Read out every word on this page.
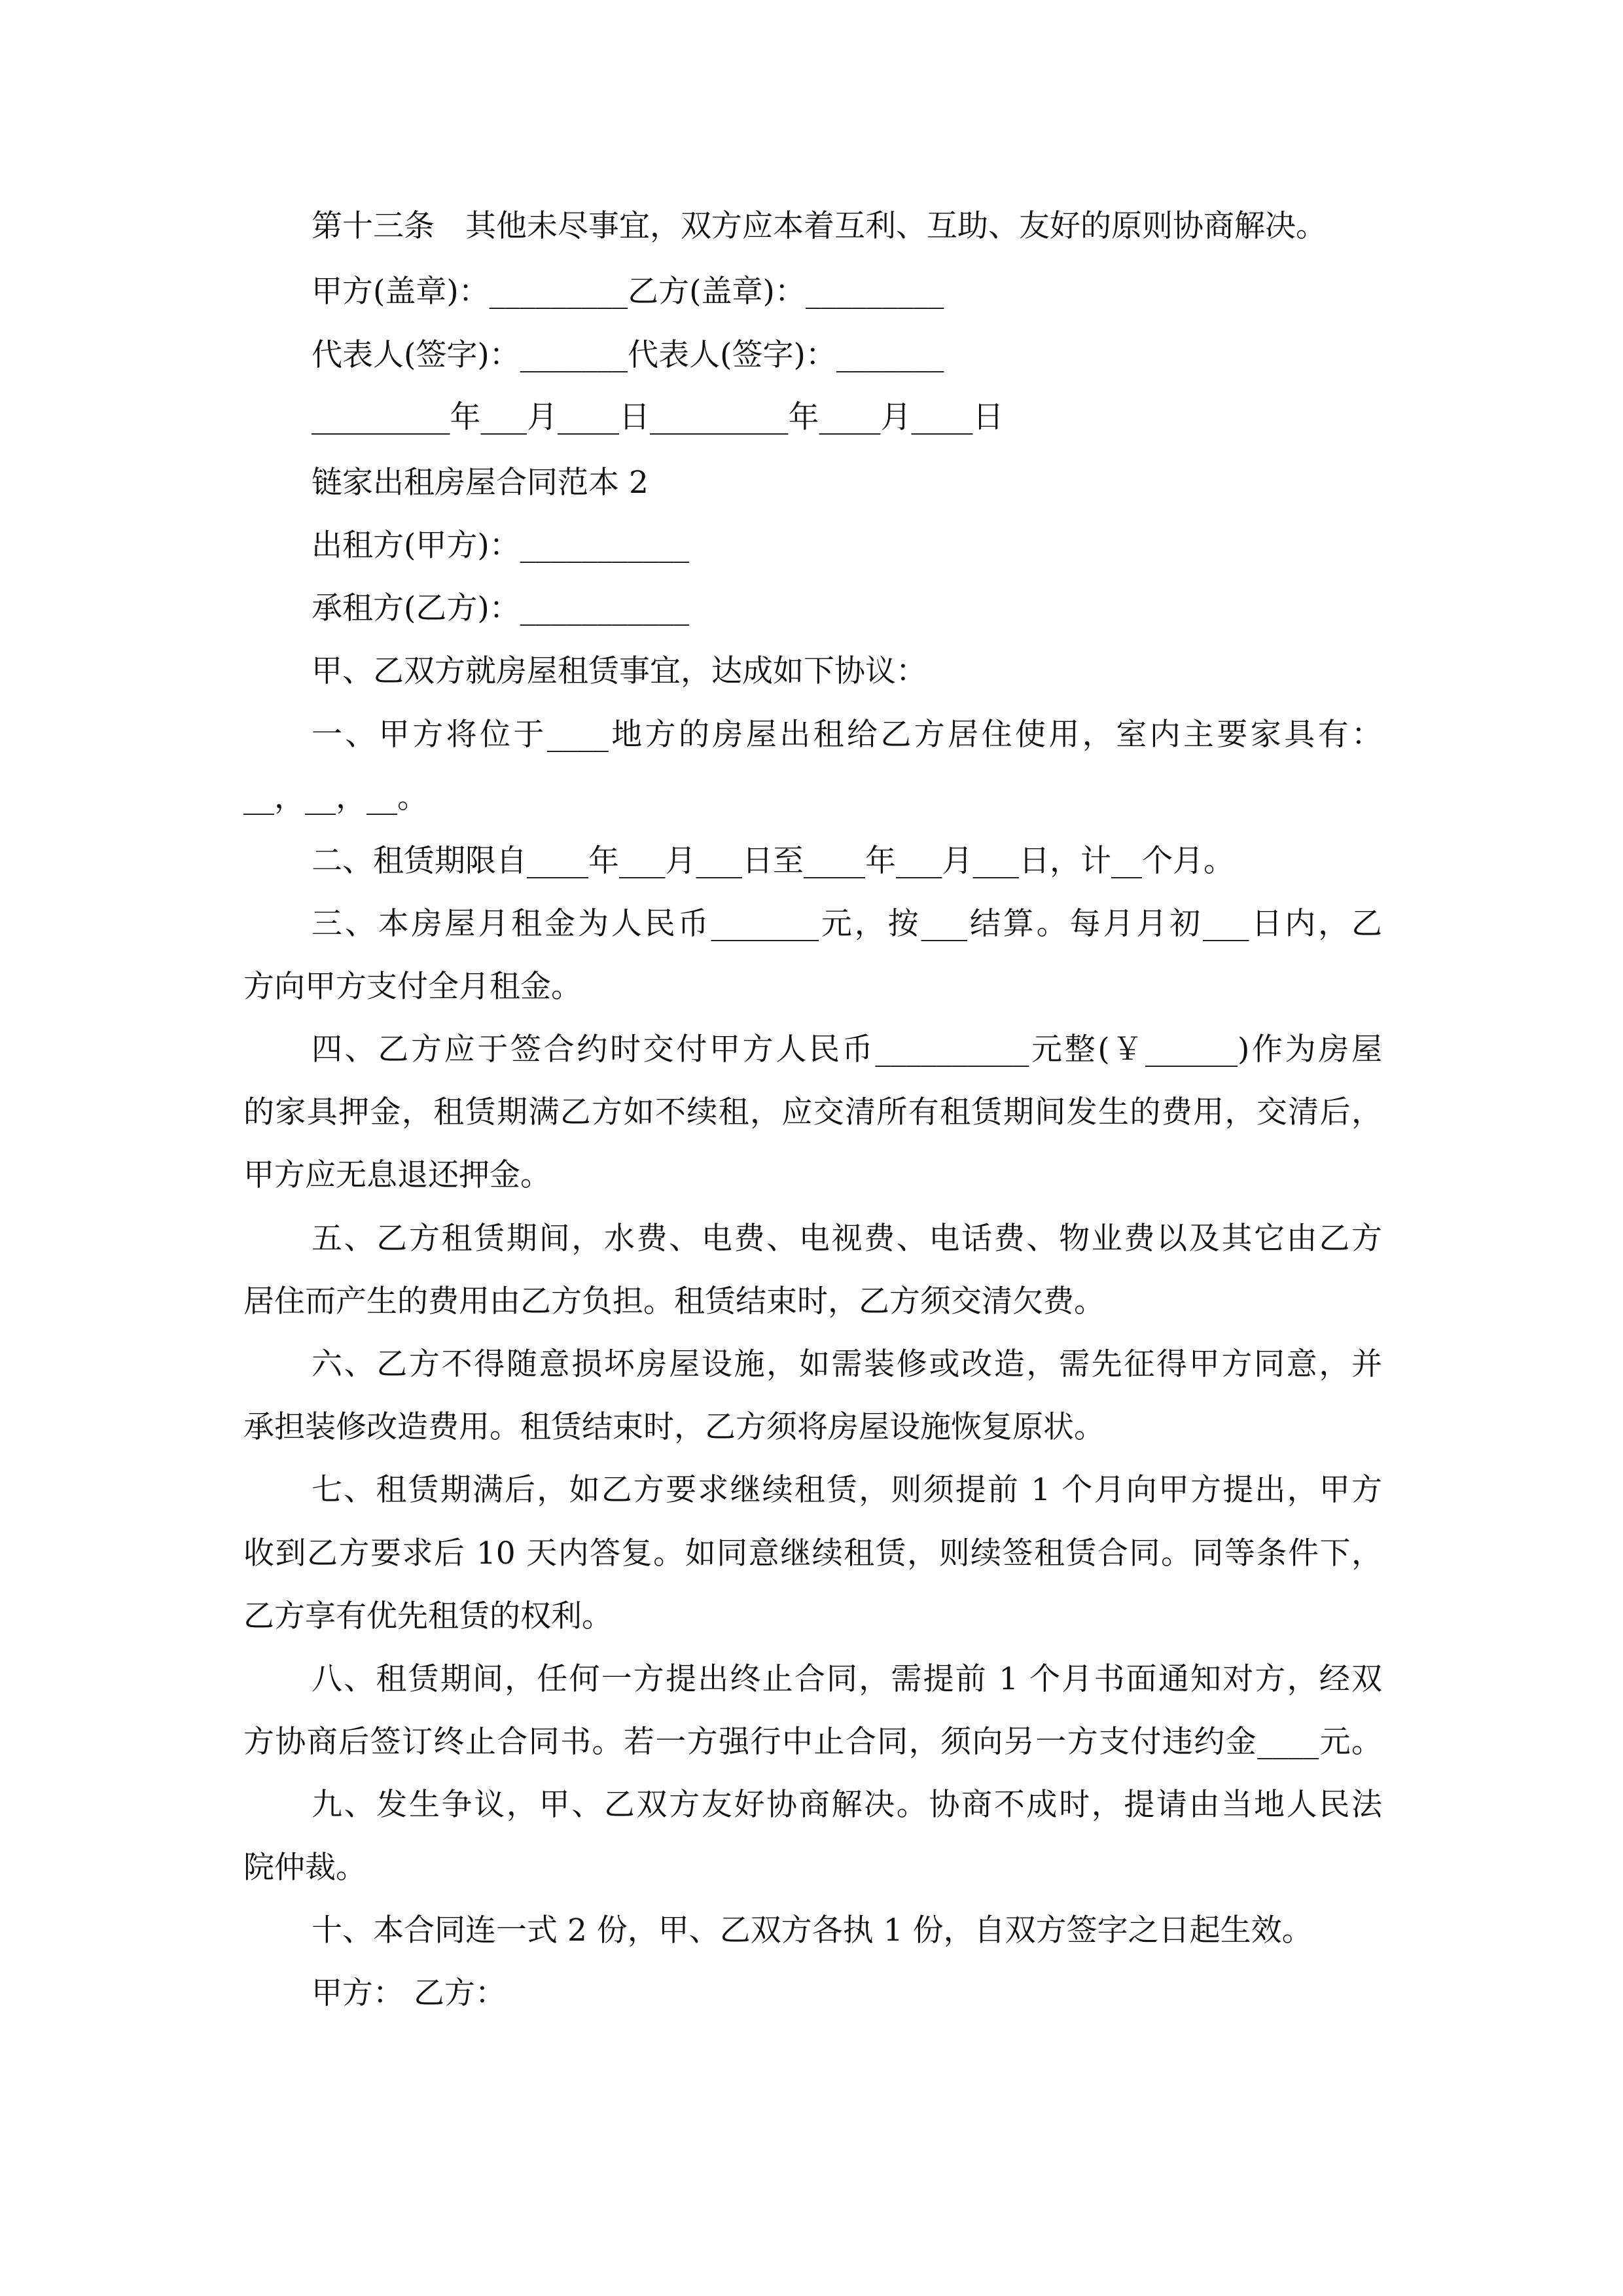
第十三条　其他未尽事宜，双方应本着互利、互助、友好的原则协商解决。
甲方(盖章)：_________乙方(盖章)：_________
代表人(签字)：_______代表人(签字)：_______
_________年___月____日_________年____月____日
链家出租房屋合同范本 2
出租方(甲方)：___________
承租方(乙方)：___________
甲、乙双方就房屋租赁事宜，达成如下协议：
一、甲方将位于____地方的房屋出租给乙方居住使用，室内主要家具有：
__，__，__。
二、租赁期限自____年___月___日至____年___月___日，计__个月。
三、本房屋月租金为人民币_______元，按___结算。每月月初___日内，乙
方向甲方支付全月租金。
四、乙方应于签合约时交付甲方人民币__________元整(￥______)作为房屋
的家具押金，租赁期满乙方如不续租，应交清所有租赁期间发生的费用，交清后，
甲方应无息退还押金。
五、乙方租赁期间，水费、电费、电视费、电话费、物业费以及其它由乙方
居住而产生的费用由乙方负担。租赁结束时，乙方须交清欠费。
六、乙方不得随意损坏房屋设施，如需装修或改造，需先征得甲方同意，并
承担装修改造费用。租赁结束时，乙方须将房屋设施恢复原状。
七、租赁期满后，如乙方要求继续租赁，则须提前 1 个月向甲方提出，甲方
收到乙方要求后 10 天内答复。如同意继续租赁，则续签租赁合同。同等条件下，
乙方享有优先租赁的权利。
八、租赁期间，任何一方提出终止合同，需提前 1 个月书面通知对方，经双
方协商后签订终止合同书。若一方强行中止合同，须向另一方支付违约金____元。
九、发生争议，甲、乙双方友好协商解决。协商不成时，提请由当地人民法
院仲裁。
十、本合同连一式 2 份，甲、乙双方各执 1 份，自双方签字之日起生效。
甲方： 乙方：
